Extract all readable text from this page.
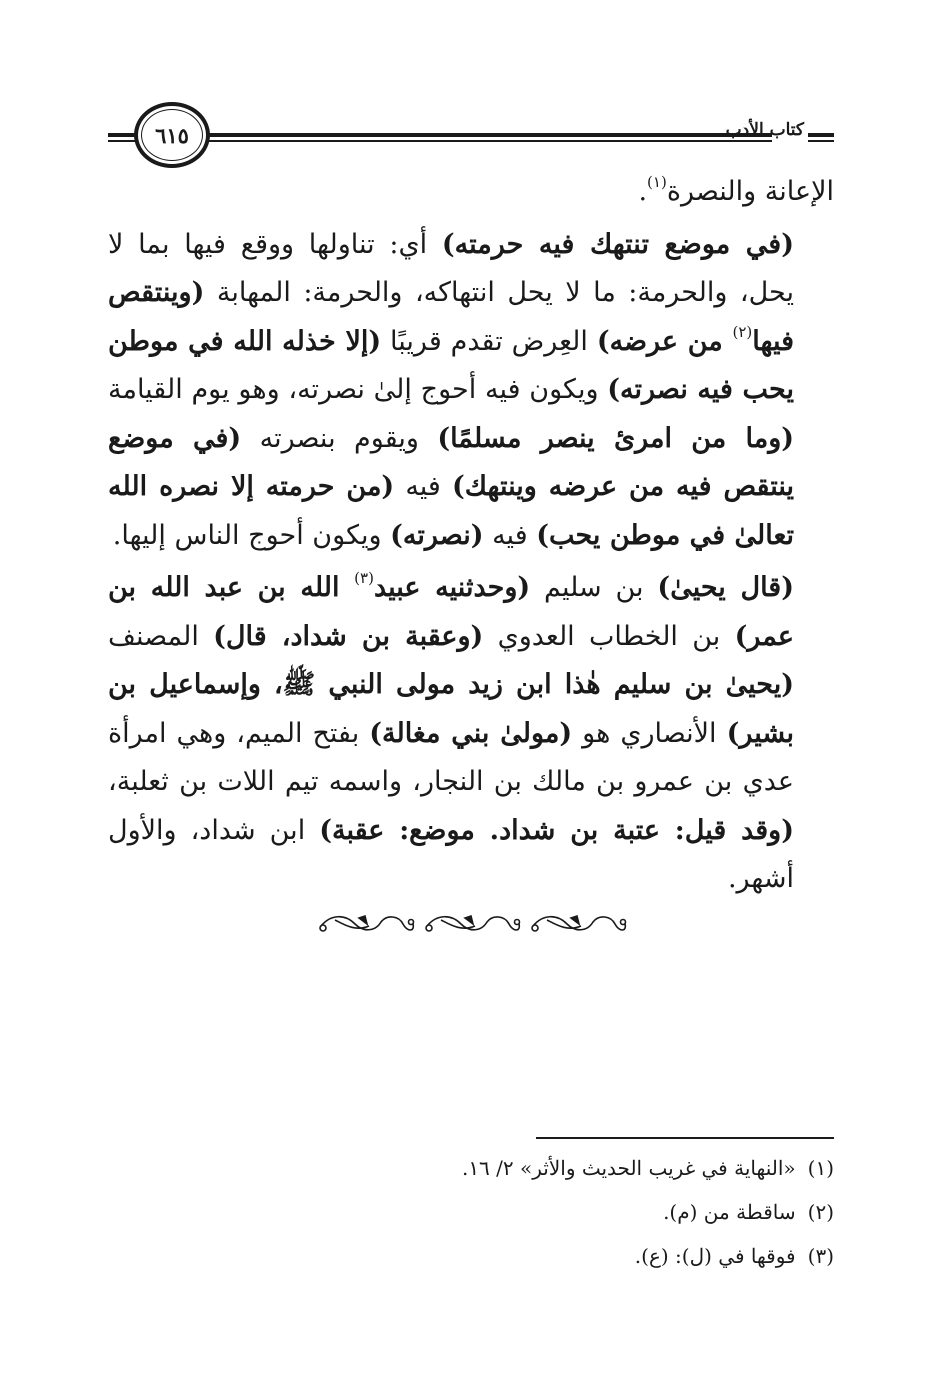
كتاب الأدب
٦١٥

الإعانة والنصرة$^{(١)}$.

(في موضع تنتهك فيه حرمته) أي: تناولها ووقع فيها بما لا يحل، والحرمة: ما لا يحل انتهاكه، والحرمة: المهابة (وينتقص فيها$^{(٢)}$ من عرضه) العِرض تقدم قريبًا (إلا خذله الله في موطن يحب فيه نصرته) ويكون فيه أحوج إلىٰ نصرته، وهو يوم القيامة (وما من امرئ ينصر مسلمًا) ويقوم بنصرته (في موضع ينتقص فيه من عرضه وينتهك) فيه (من حرمته إلا نصره الله تعالىٰ في موطن يحب) فيه (نصرته) ويكون أحوج الناس إليها.

(قال يحيىٰ) بن سليم (وحدثنيه عبيد$^{(٣)}$ الله بن عبد الله بن عمر) بن الخطاب العدوي (وعقبة بن شداد، قال) المصنف (يحيىٰ بن سليم هٰذا ابن زيد مولى النبي ﷺ، وإسماعيل بن بشير) الأنصاري هو (مولىٰ بني مغالة) بفتح الميم، وهي امرأة عدي بن عمرو بن مالك بن النجار، واسمه تيم اللات بن ثعلبة، (وقد قيل: عتبة بن شداد. موضع: عقبة) ابن شداد، والأول أشهر.

(١)«النهاية في غريب الحديث والأثر» ٢/ ١٦.
(٢)ساقطة من (م).
(٣)فوقها في (ل): (ع).
